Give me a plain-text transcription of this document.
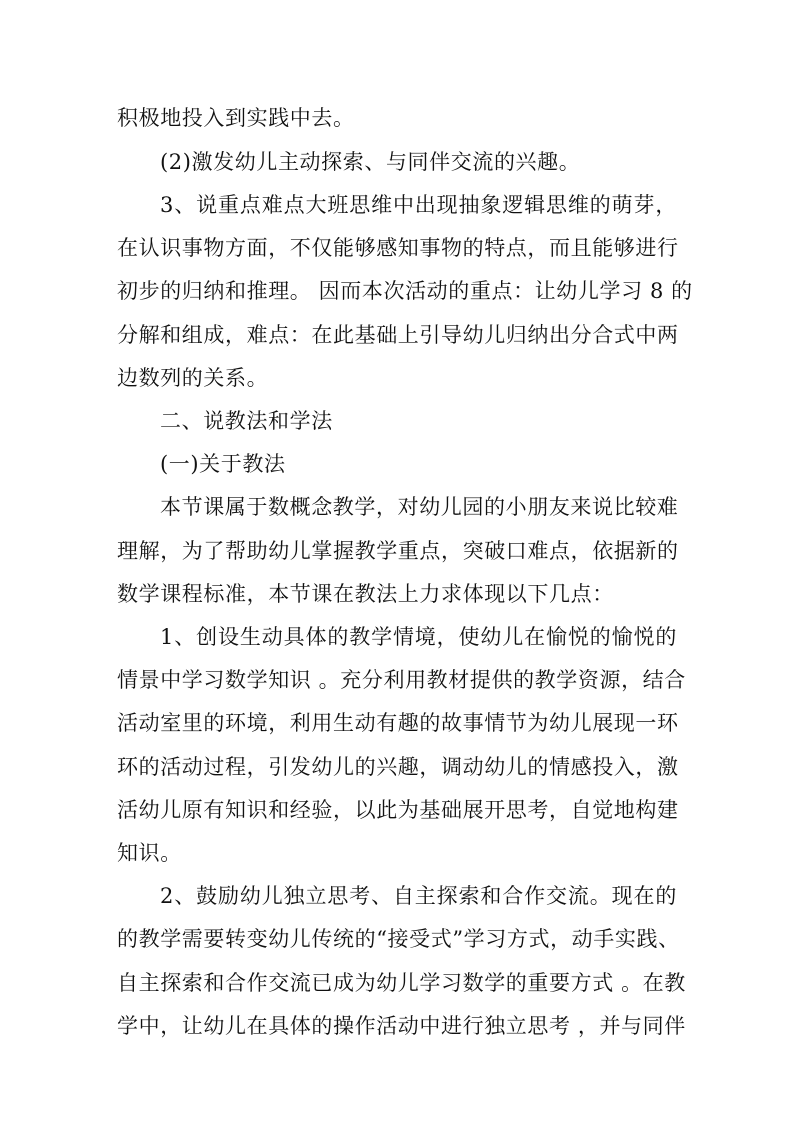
积极地投入到实践中去。
(2)激发幼儿主动探索、与同伴交流的兴趣。
3、说重点难点大班思维中出现抽象逻辑思维的萌芽，
在认识事物方面，不仅能够感知事物的特点，而且能够进行
初步的归纳和推理。 因而本次活动的重点：让幼儿学习 8 的
分解和组成，难点：在此基础上引导幼儿归纳出分合式中两
边数列的关系。
二、说教法和学法
(一)关于教法
本节课属于数概念教学，对幼儿园的小朋友来说比较难
理解，为了帮助幼儿掌握教学重点，突破口难点，依据新的
数学课程标准，本节课在教法上力求体现以下几点：
1、创设生动具体的教学情境，使幼儿在愉悦的愉悦的
情景中学习数学知识 。充分利用教材提供的教学资源，结合
活动室里的环境，利用生动有趣的故事情节为幼儿展现一环
环的活动过程，引发幼儿的兴趣，调动幼儿的情感投入，激
活幼儿原有知识和经验，以此为基础展开思考，自觉地构建
知识。
2、鼓励幼儿独立思考、自主探索和合作交流。现在的
的教学需要转变幼儿传统的“接受式”学习方式，动手实践、
自主探索和合作交流已成为幼儿学习数学的重要方式 。在教
学中，让幼儿在具体的操作活动中进行独立思考 ，并与同伴
